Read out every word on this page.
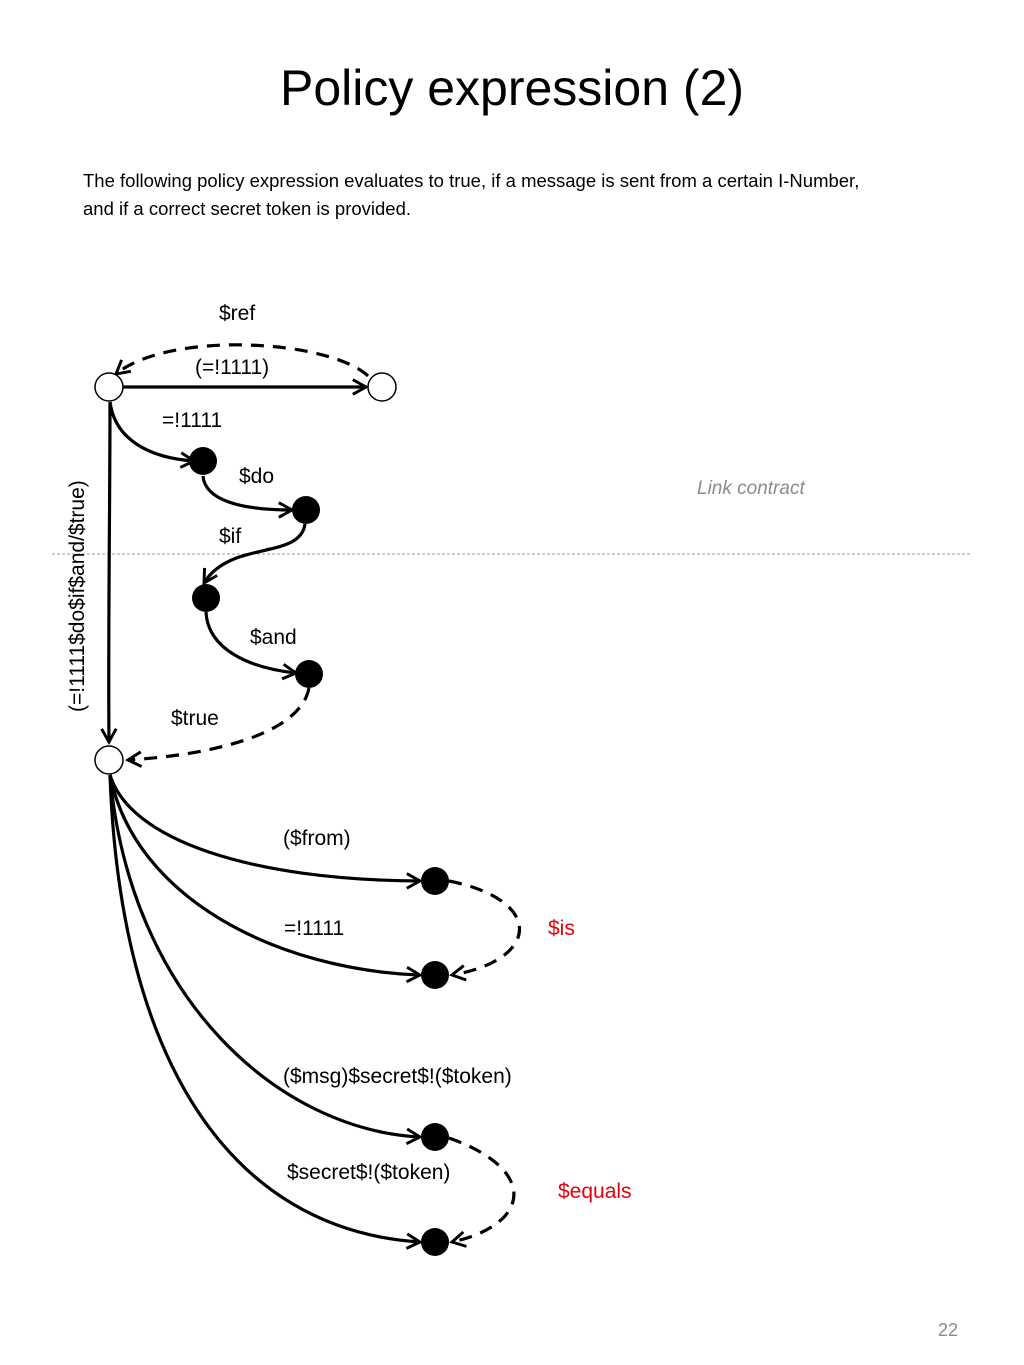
Policy expression (2)
The following policy expression evaluates to true, if a message is sent from a certain I-Number, and if a correct secret token is provided.
$ref
(=!1111)
=!1111
$do
$if
$and
$true
(=!1111$do$if$and/$true)	Link contract
($from)
=!1111	$is
($msg)$secret$!($token)
$secret$!($token)
$equals
22
